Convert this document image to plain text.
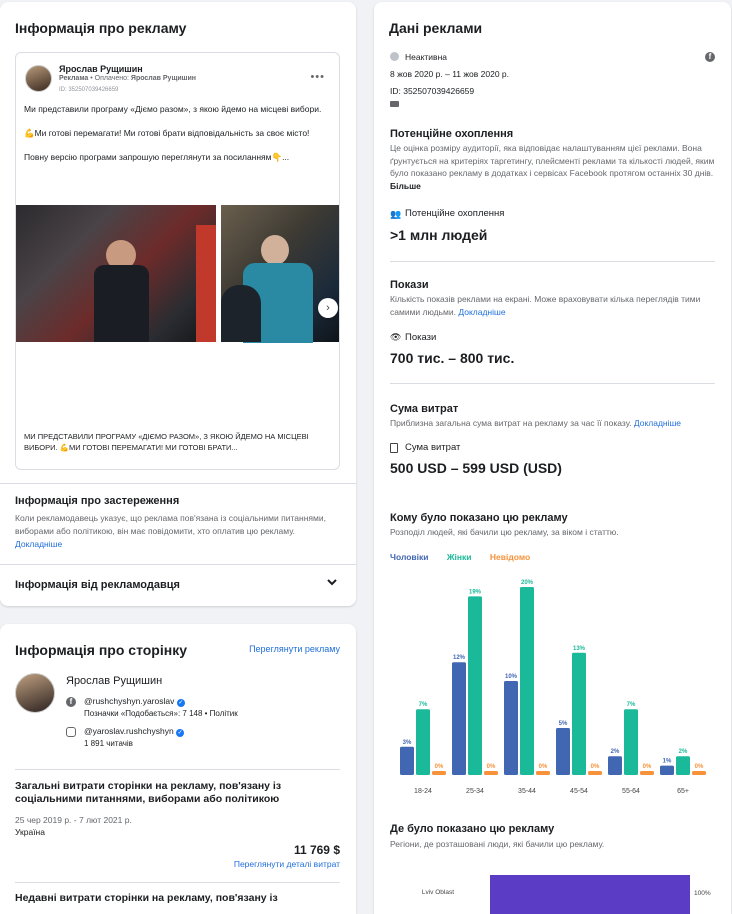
Інформація про рекламу
Ярослав Рущишин
Реклама • Оплачено: Ярослав Рущишин
ID: 352507039426659
•••
Ми представили програму «Діємо разом», з якою йдемо на місцеві вибори.
💪Ми готові перемагати! Ми готові брати відповідальність за своє місто!
Повну версію програми запрошую переглянути за посиланням👇...
›
МИ ПРЕДСТАВИЛИ ПРОГРАМУ «ДІЄМО РАЗОМ», З ЯКОЮ ЙДЕМО НА МІСЦЕВІ ВИБОРИ. 💪МИ ГОТОВІ ПЕРЕМАГАТИ! МИ ГОТОВІ БРАТИ...
Інформація про застереження
Коли рекламодавець указує, що реклама пов'язана із соціальними питаннями, виборами або політикою, він має повідомити, хто оплатив цю рекламу. Докладніше
Інформація від рекламодавця
Інформація про сторінку	Переглянути рекламу
Ярослав Рущишин
f	@rushchyshyn.yaroslav ✓
Позначки «Подобається»: 7 148 • Політик
@yaroslav.rushchyshyn ✓
1 891 читачів
Загальні витрати сторінки на рекламу, пов'язану із соціальними питаннями, виборами або політикою
25 чер 2019 р. - 7 лют 2021 р.
Україна
11 769 $
Переглянути деталі витрат
Недавні витрати сторінки на рекламу, пов'язану із
Дані реклами
Неактивна	f
8 жов 2020 р. – 11 жов 2020 р.
ID: 352507039426659
Потенційне охоплення
Це оцінка розміру аудиторії, яка відповідає налаштуванням цієї реклами. Вона ґрунтується на критеріях таргетингу, плейсменті реклами та кількості людей, яким було показано рекламу в додатках і сервісах Facebook протягом останніх 30 днів. Більше
👥 Потенційне охоплення
>1 млн людей
Покази
Кількість показів реклами на екрані. Може враховувати кілька переглядів тими самими людьми. Докладніше
👁 Покази
700 тис. – 800 тис.
Сума витрат
Приблизна загальна сума витрат на рекламу за час її показу. Докладніше
Сума витрат
500 USD – 599 USD (USD)
Кому було показано цю рекламу
Розподіл людей, які бачили цю рекламу, за віком і статтю.
Чоловіки Жінки Невідомо
3%
7%
0%
18-24
12%
19%
0%
25-34
10%
20%
0%
35-44
5%
13%
0%
45-54
2%
7%
0%
55-64
1%
2%
0%
65+
Де було показано цю рекламу
Регіони, де розташовані люди, які бачили цю рекламу.
Lviv Oblast	100%
